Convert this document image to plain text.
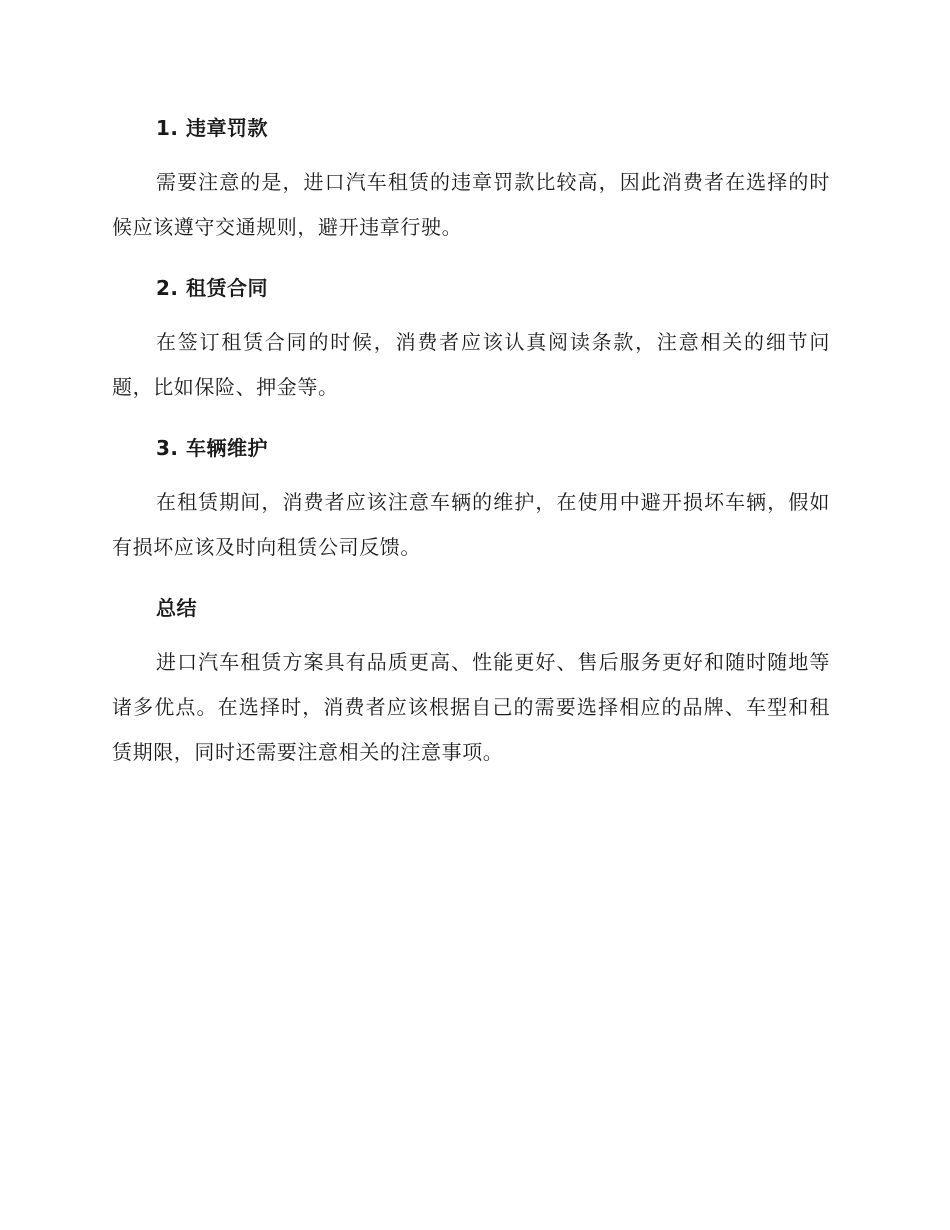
1. 违章罚款

需要注意的是，进口汽车租赁的违章罚款比较高，因此消费者在选择的时候应该遵守交通规则，避开违章行驶。

2. 租赁合同

在签订租赁合同的时候，消费者应该认真阅读条款，注意相关的细节问题，比如保险、押金等。

3. 车辆维护

在租赁期间，消费者应该注意车辆的维护，在使用中避开损坏车辆，假如有损坏应该及时向租赁公司反馈。

总结

进口汽车租赁方案具有品质更高、性能更好、售后服务更好和随时随地等诸多优点。在选择时，消费者应该根据自己的需要选择相应的品牌、车型和租赁期限，同时还需要注意相关的注意事项。
